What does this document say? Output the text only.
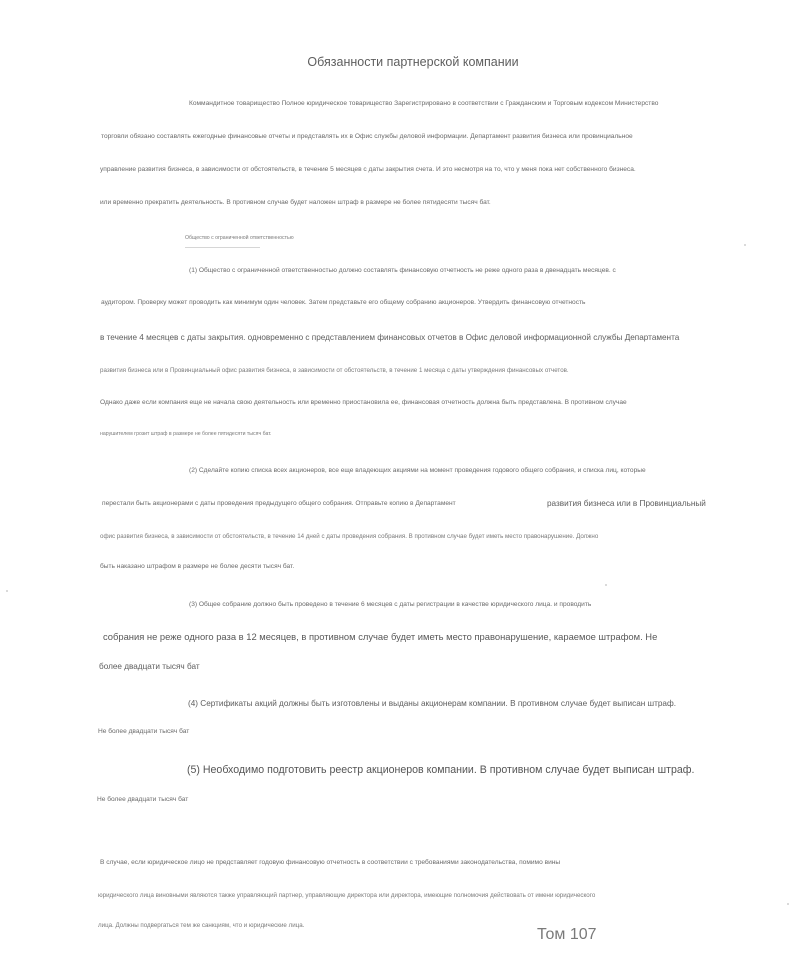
Обязанности партнерской компании
Коммандитное товарищество Полное юридическое товарищество Зарегистрировано в соответствии с Гражданским и Торговым кодексом Министерство
торговли обязано составлять ежегодные финансовые отчеты и представлять их в Офис службы деловой информации. Департамент развития бизнеса или провинциальное
управление развития бизнеса, в зависимости от обстоятельств, в течение 5 месяцев с даты закрытия счета. И это несмотря на то, что у меня пока нет собственного бизнеса.
или временно прекратить деятельность. В противном случае будет наложен штраф в размере не более пятидесяти тысяч бат.
Общество с ограниченной ответственностью
(1) Общество с ограниченной ответственностью должно составлять финансовую отчетность не реже одного раза в двенадцать месяцев. с
аудитором. Проверку может проводить как минимум один человек. Затем представьте его общему собранию акционеров. Утвердить финансовую отчетность
в течение 4 месяцев с даты закрытия. одновременно с представлением финансовых отчетов в Офис деловой информационной службы Департамента
развития бизнеса или в Провинциальный офис развития бизнеса, в зависимости от обстоятельств, в течение 1 месяца с даты утверждения финансовых отчетов.
Однако даже если компания еще не начала свою деятельность или временно приостановила ее, финансовая отчетность должна быть представлена. В противном случае
нарушителем грозит штраф в размере не более пятидесяти тысяч бат.
(2) Сделайте копию списка всех акционеров, все еще владеющих акциями на момент проведения годового общего собрания, и списка лиц, которые
перестали быть акционерами с даты проведения предыдущего общего собрания. Отправьте копию в Департамент	развития бизнеса или в Провинциальный
офис развития бизнеса, в зависимости от обстоятельств, в течение 14 дней с даты проведения собрания. В противном случае будет иметь место правонарушение. Должно
быть наказано штрафом в размере не более десяти тысяч бат.
(3) Общее собрание должно быть проведено в течение 6 месяцев с даты регистрации в качестве юридического лица. и проводить
собрания не реже одного раза в 12 месяцев, в противном случае будет иметь место правонарушение, караемое штрафом. Не
более двадцати тысяч бат
(4) Сертификаты акций должны быть изготовлены и выданы акционерам компании. В противном случае будет выписан штраф.
Не более двадцати тысяч бат
(5) Необходимо подготовить реестр акционеров компании. В противном случае будет выписан штраф.
Не более двадцати тысяч бат
В случае, если юридическое лицо не представляет годовую финансовую отчетность в соответствии с требованиями законодательства, помимо вины
юридического лица виновными являются также управляющий партнер, управляющие директора или директора, имеющие полномочия действовать от имени юридического
лица. Должны подвергаться тем же санкциям, что и юридические лица.
Том 107
